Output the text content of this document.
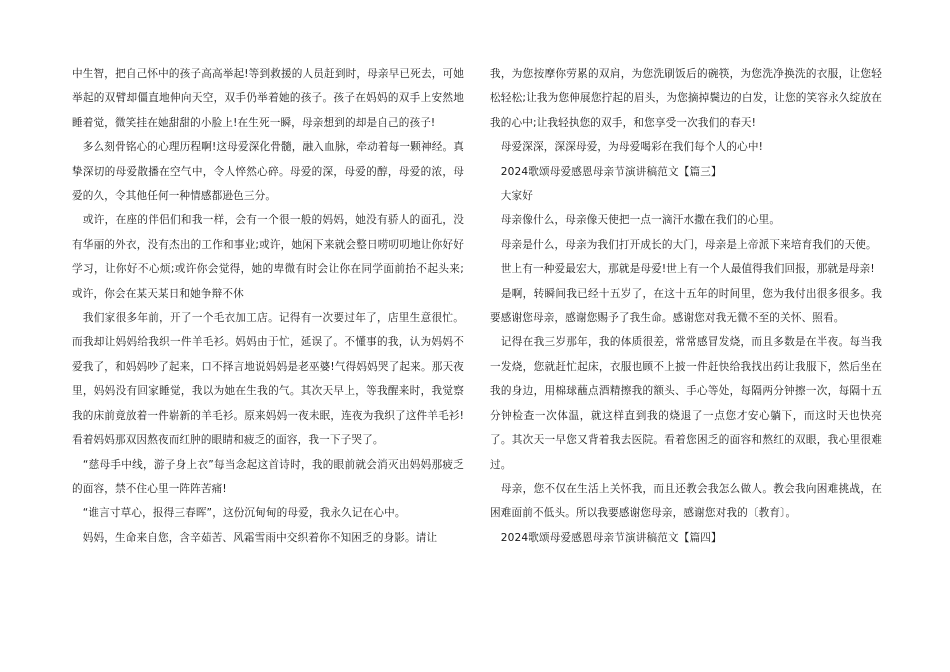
中生智，把自己怀中的孩子高高举起!等到救援的人员赶到时，母亲早已死去，可她举起的双臂却僵直地伸向天空，双手仍举着她的孩子。孩子在妈妈的双手上安然地睡着觉，微笑挂在她甜甜的小脸上!在生死一瞬，母亲想到的却是自己的孩子!

　多么刻骨铭心的心理历程啊!这母爱深化骨髓，融入血脉，牵动着每一颗神经。真挚深切的母爱散播在空气中，令人悴然心碎。母爱的深，母爱的醇，母爱的浓，母爱的久，令其他任何一种情感都逊色三分。

　或许，在座的伴侣们和我一样，会有一个很一般的妈妈，她没有骄人的面孔，没有华丽的外衣，没有杰出的工作和事业;或许，她闲下来就会整日唠叨叨地让你好好学习，让你好不心烦;或许你会觉得，她的卑微有时会让你在同学面前抬不起头来;或许，你会在某天某日和她争辩不休

　我们家很多年前，开了一个毛衣加工店。记得有一次要过年了，店里生意很忙。而我却让妈妈给我织一件羊毛衫。妈妈由于忙，延误了。不懂事的我，认为妈妈不爱我了，和妈妈吵了起来，口不择言地说妈妈是老巫婆!气得妈妈哭了起来。那天夜里，妈妈没有回家睡觉，我以为她在生我的气。其次天早上，等我醒来时，我觉察我的床前竟放着一件崭新的羊毛衫。原来妈妈一夜未眠，连夜为我织了这件羊毛衫!看着妈妈那双因熬夜而红肿的眼睛和疲乏的面容，我一下子哭了。

　“慈母手中线，游子身上衣”每当念起这首诗时，我的眼前就会消灭出妈妈那疲乏的面容，禁不住心里一阵阵苦痛!

　“谁言寸草心，报得三春晖”，这份沉甸甸的母爱，我永久记在心中。

　妈妈，生命来自您，含辛茹苦、风霜雪雨中交织着你不知困乏的身影。请让

我，为您按摩你劳累的双肩，为您洗刷饭后的碗筷，为您洗净换洗的衣服，让您轻松轻松;让我为您伸展您拧起的眉头，为您摘掉鬓边的白发，让您的笑容永久绽放在我的心中;让我轻执您的双手，和您享受一次我们的春天!

　母爱深深，深深母爱，为母爱喝彩在我们每个人的心中!

　2024歌颂母爱感恩母亲节演讲稿范文【篇三】

　大家好

　母亲像什么，母亲像天使把一点一滴汗水撒在我们的心里。

　母亲是什么，母亲为我们打开成长的大门，母亲是上帝派下来培育我们的天使。

　世上有一种爱最宏大，那就是母爱!世上有一个人最值得我们回报，那就是母亲!

　是啊，转瞬间我已经十五岁了，在这十五年的时间里，您为我付出很多很多。我要感谢您母亲，感谢您赐予了我生命。感谢您对我无微不至的关怀、照看。

　记得在我三岁那年，我的体质很差，常常感冒发烧，而且多数是在半夜。每当我一发烧，您就赶忙起床，衣服也顾不上披一件赶快给我找出药让我服下，然后坐在我的身边，用棉球蘸点酒精擦我的额头、手心等处，每隔两分钟擦一次，每隔十五分钟检查一次体温，就这样直到我的烧退了一点您才安心躺下，而这时天也快亮了。其次天一早您又背着我去医院。看着您困乏的面容和熬红的双眼，我心里很难过。

　母亲，您不仅在生活上关怀我，而且还教会我怎么做人。教会我向困难挑战，在困难面前不低头。所以我要感谢您母亲，感谢您对我的〔教育〕。

　2024歌颂母爱感恩母亲节演讲稿范文【篇四】
